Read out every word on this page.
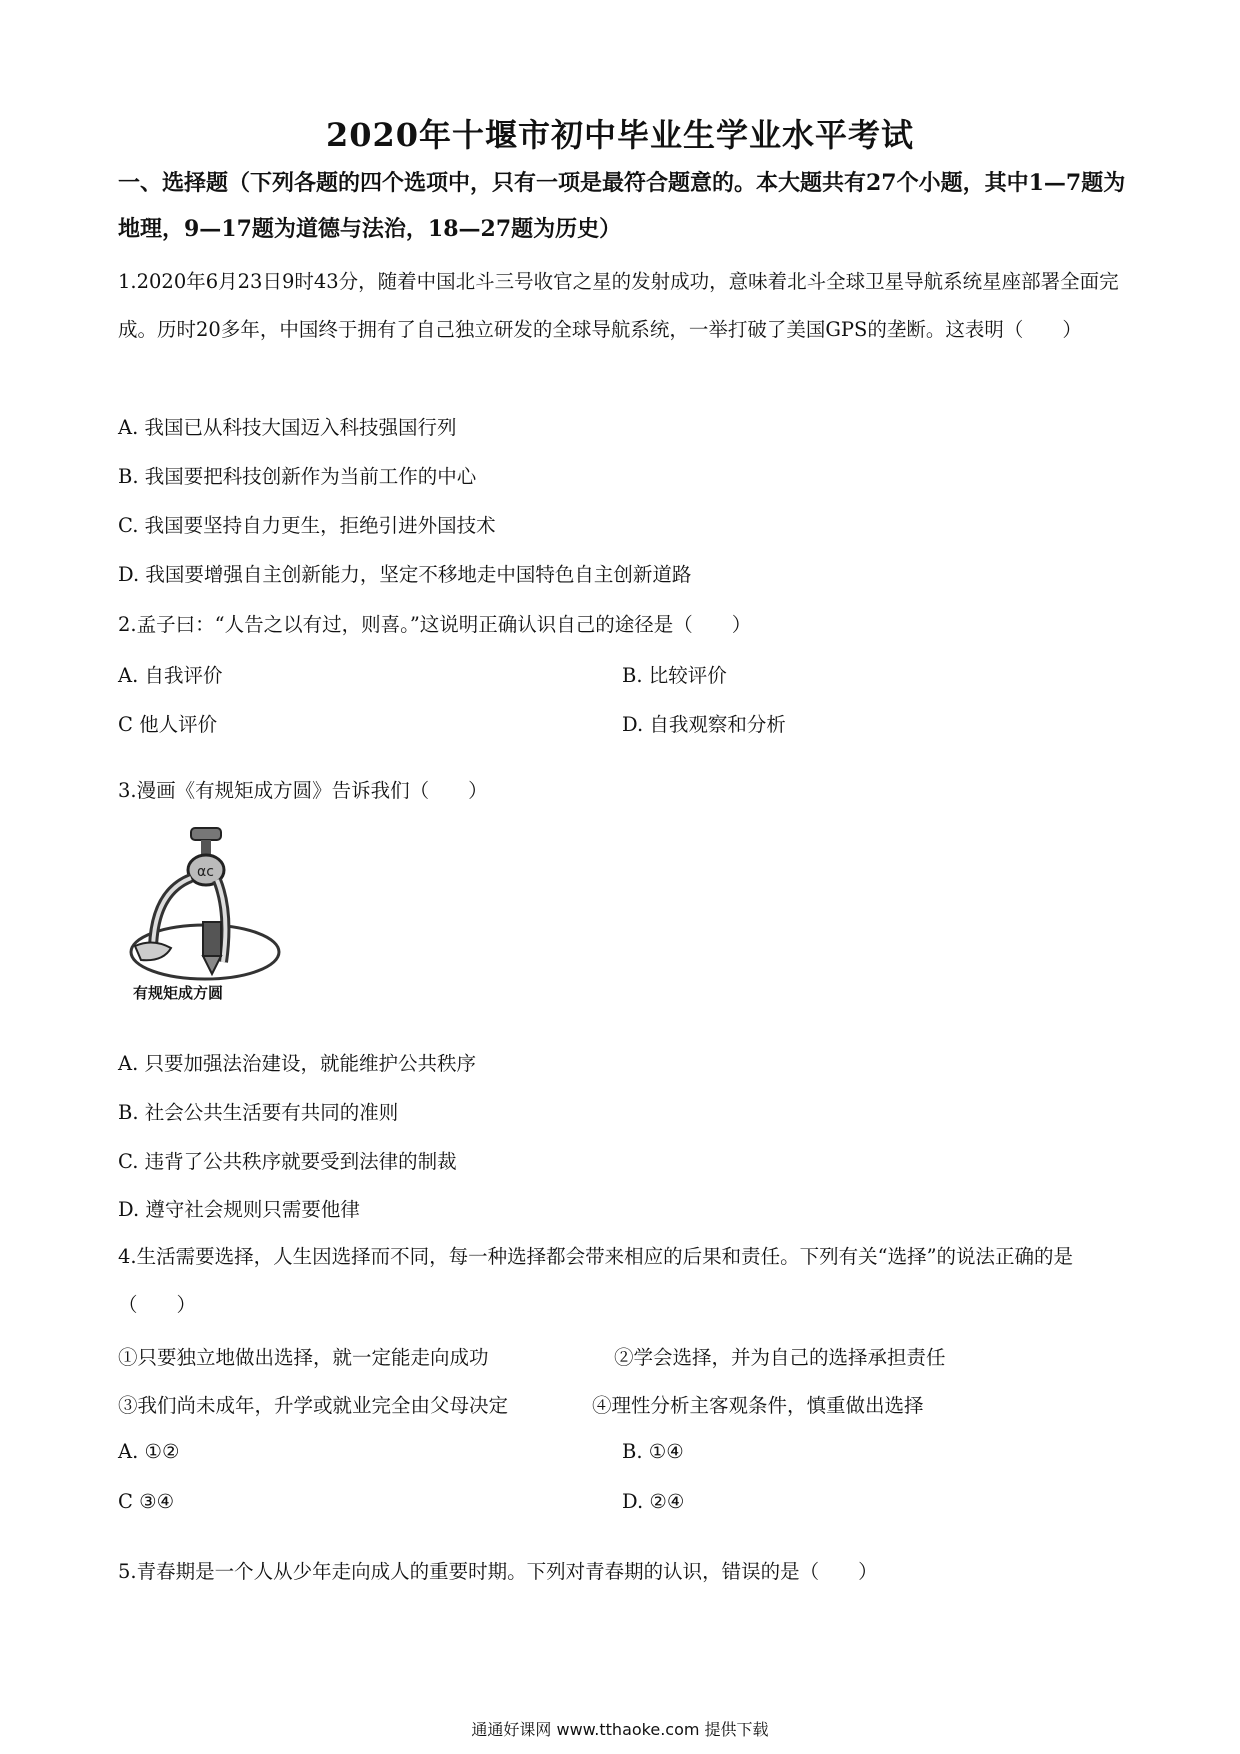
2020年十堰市初中毕业生学业水平考试
一、选择题（下列各题的四个选项中，只有一项是最符合题意的。本大题共有27个小题，其中1—7题为地理，9—17题为道德与法治，18—27题为历史）
1.2020年6月23日9时43分，随着中国北斗三号收官之星的发射成功，意味着北斗全球卫星导航系统星座部署全面完成。历时20多年，中国终于拥有了自己独立研发的全球导航系统，一举打破了美国GPS的垄断。这表明（　　）
A. 我国已从科技大国迈入科技强国行列
B. 我国要把科技创新作为当前工作的中心
C. 我国要坚持自力更生，拒绝引进外国技术
D. 我国要增强自主创新能力，坚定不移地走中国特色自主创新道路
2.孟子曰：“人告之以有过，则喜。”这说明正确认识自己的途径是（　　）
A. 自我评价	B. 比较评价
C 他人评价	D. 自我观察和分析
3.漫画《有规矩成方圆》告诉我们（　　）
αc
有规矩成方圆
A. 只要加强法治建设，就能维护公共秩序
B. 社会公共生活要有共同的准则
C. 违背了公共秩序就要受到法律的制裁
D. 遵守社会规则只需要他律
4.生活需要选择，人生因选择而不同，每一种选择都会带来相应的后果和责任。下列有关“选择”的说法正确的是（　　）
①只要独立地做出选择，就一定能走向成功	②学会选择，并为自己的选择承担责任
③我们尚未成年，升学或就业完全由父母决定	④理性分析主客观条件，慎重做出选择
A. ①②	B. ①④
C ③④	D. ②④
5.青春期是一个人从少年走向成人的重要时期。下列对青春期的认识，错误的是（　　）
通通好课网 www.tthaoke.com 提供下载
